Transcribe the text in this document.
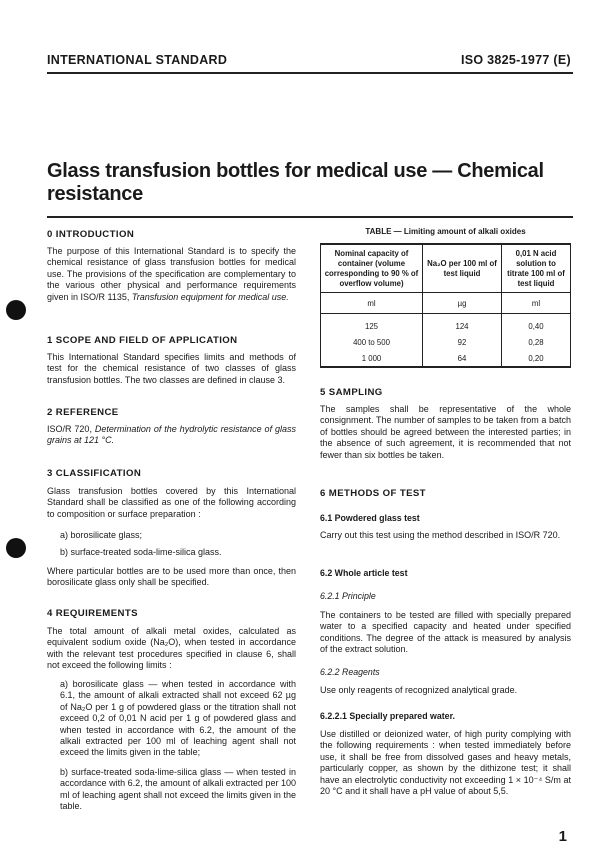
INTERNATIONAL STANDARD	ISO 3825-1977 (E)
Glass transfusion bottles for medical use — Chemical resistance
0 INTRODUCTION
The purpose of this International Standard is to specify the chemical resistance of glass transfusion bottles for medical use. The provisions of the specification are complementary to the various other physical and performance requirements given in ISO/R 1135, Transfusion equipment for medical use.
1 SCOPE AND FIELD OF APPLICATION
This International Standard specifies limits and methods of test for the chemical resistance of two classes of glass transfusion bottles. The two classes are defined in clause 3.
2 REFERENCE
ISO/R 720, Determination of the hydrolytic resistance of glass grains at 121 °C.
3 CLASSIFICATION
Glass transfusion bottles covered by this International Standard shall be classified as one of the following according to composition or surface preparation :
a) borosilicate glass;
b) surface-treated soda-lime-silica glass.
Where particular bottles are to be used more than once, then borosilicate glass only shall be specified.
4 REQUIREMENTS
The total amount of alkali metal oxides, calculated as equivalent sodium oxide (Na₂O), when tested in accordance with the relevant test procedures specified in clause 6, shall not exceed the following limits :
a) borosilicate glass — when tested in accordance with 6.1, the amount of alkali extracted shall not exceed 62 µg of Na₂O per 1 g of powdered glass or the titration shall not exceed 0,2 of 0,01 N acid per 1 g of powdered glass and when tested in accordance with 6.2, the amount of the alkali extracted per 100 ml of leaching agent shall not exceed the limits given in the table;
b) surface-treated soda-lime-silica glass — when tested in accordance with 6.2, the amount of alkali extracted per 100 ml of leaching agent shall not exceed the limits given in the table.
TABLE — Limiting amount of alkali oxides
Nominal capacity of container (volume corresponding to 90 % of overflow volume)	Na₂O per 100 ml of test liquid	0,01 N acid solution to titrate 100 ml of test liquid
ml	µg	ml
125	124	0,40
400 to 500	92	0,28
1 000	64	0,20
5 SAMPLING
The samples shall be representative of the whole consignment. The number of samples to be taken from a batch of bottles should be agreed between the interested parties; in the absence of such agreement, it is recommended that not fewer than six bottles be taken.
6 METHODS OF TEST
6.1 Powdered glass test
Carry out this test using the method described in ISO/R 720.
6.2 Whole article test
6.2.1 Principle
The containers to be tested are filled with specially prepared water to a specified capacity and heated under specified conditions. The degree of the attack is measured by analysis of the extract solution.
6.2.2 Reagents
Use only reagents of recognized analytical grade.
6.2.2.1 Specially prepared water.
Use distilled or deionized water, of high purity complying with the following requirements : when tested immediately before use, it shall be free from dissolved gases and heavy metals, particularly copper, as shown by the dithizone test; it shall have an electrolytic conductivity not exceeding 1 × 10⁻⁴ S/m at 20 °C and it shall have a pH value of about 5,5.
1
